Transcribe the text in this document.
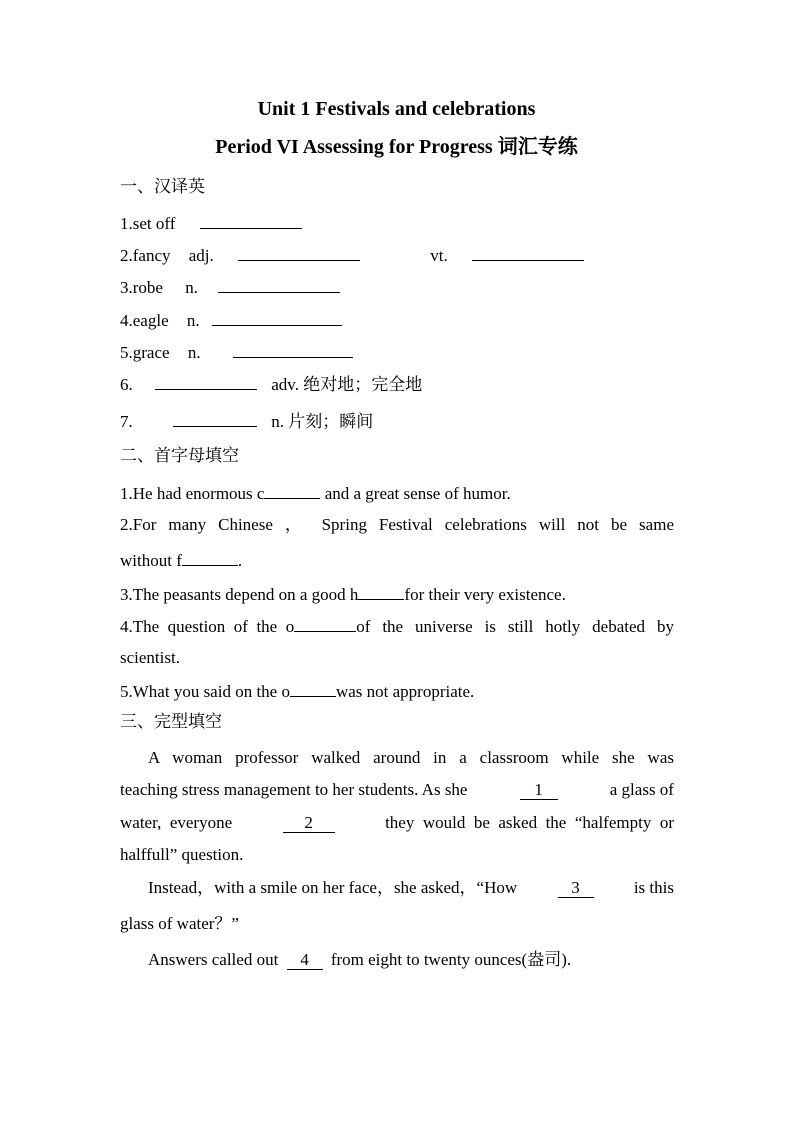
Unit 1 Festivals and celebrations
Period VI Assessing for Progress 词汇专练
一、汉译英
1.set off
2.fancy adj.	vt.
3.robe n.
4.eagle n.
5.grace n.
6.	adv. 绝对地；完全地
7.	n. 片刻；瞬间
二、首字母填空
1.He had enormous c	and a great sense of humor.
2.For many Chinese ， Spring Festival celebrations will not be same
without f	.
3.The peasants depend on a good h	for their very existence.
4.The  question  of  the  o	of the universe is still hotly debated by
scientist.
5.What you said on the o	was not appropriate.
三、完型填空
A woman professor walked around in a classroom while she was
teaching stress management to her students. As she	1	a glass of
water,  everyone	2	they  would  be  asked  the  “halfempty  or
halffull” question.
Instead，with a smile on her face，she asked，“How	3	is this
glass of water？”
Answers called out 4 from eight to twenty ounces(盎司).
